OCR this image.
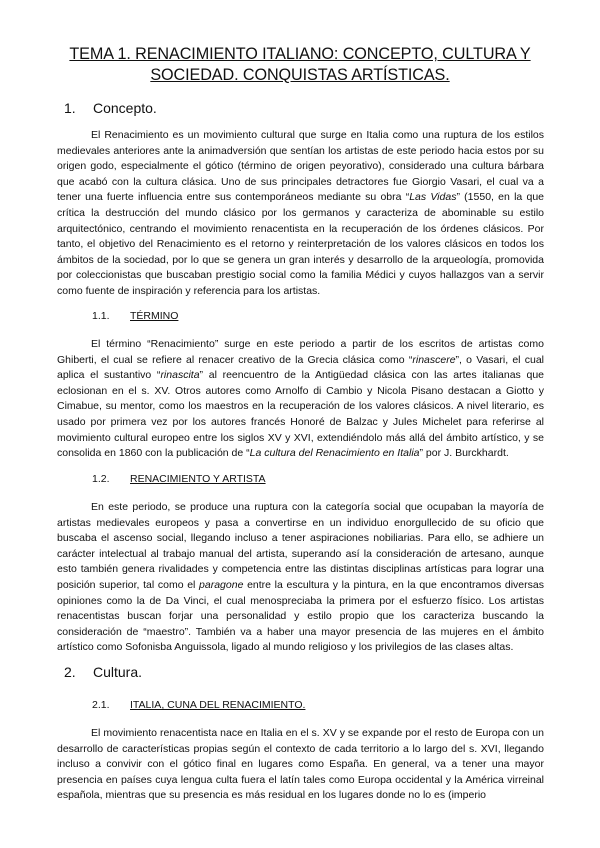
TEMA 1. RENACIMIENTO ITALIANO: CONCEPTO, CULTURA Y SOCIEDAD. CONQUISTAS ARTÍSTICAS.
1. Concepto.

El Renacimiento es un movimiento cultural que surge en Italia como una ruptura de los estilos medievales anteriores ante la animadversión que sentían los artistas de este periodo hacia estos por su origen godo, especialmente el gótico (término de origen peyorativo), considerado una cultura bárbara que acabó con la cultura clásica. Uno de sus principales detractores fue Giorgio Vasari, el cual va a tener una fuerte influencia entre sus contemporáneos mediante su obra “Las Vidas” (1550, en la que crítica la destrucción del mundo clásico por los germanos y caracteriza de abominable su estilo arquitectónico, centrando el movimiento renacentista en la recuperación de los órdenes clásicos. Por tanto, el objetivo del Renacimiento es el retorno y reinterpretación de los valores clásicos en todos los ámbitos de la sociedad, por lo que se genera un gran interés y desarrollo de la arqueología, promovida por coleccionistas que buscaban prestigio social como la familia Médici y cuyos hallazgos van a servir como fuente de inspiración y referencia para los artistas.

1.1. TÉRMINO

El término “Renacimiento” surge en este periodo a partir de los escritos de artistas como Ghiberti, el cual se refiere al renacer creativo de la Grecia clásica como “rinascere”, o Vasari, el cual aplica el sustantivo “rinascita” al reencuentro de la Antigüedad clásica con las artes italianas que eclosionan en el s. XV. Otros autores como Arnolfo di Cambio y Nicola Pisano destacan a Giotto y Cimabue, su mentor, como los maestros en la recuperación de los valores clásicos. A nivel literario, es usado por primera vez por los autores francés Honoré de Balzac y Jules Michelet para referirse al movimiento cultural europeo entre los siglos XV y XVI, extendiéndolo más allá del ámbito artístico, y se consolida en 1860 con la publicación de “La cultura del Renacimiento en Italia” por J. Burckhardt.

1.2. RENACIMIENTO Y ARTISTA

En este periodo, se produce una ruptura con la categoría social que ocupaban la mayoría de artistas medievales europeos y pasa a convertirse en un individuo enorgullecido de su oficio que buscaba el ascenso social, llegando incluso a tener aspiraciones nobiliarias. Para ello, se adhiere un carácter intelectual al trabajo manual del artista, superando así la consideración de artesano, aunque esto también genera rivalidades y competencia entre las distintas disciplinas artísticas para lograr una posición superior, tal como el paragone entre la escultura y la pintura, en la que encontramos diversas opiniones como la de Da Vinci, el cual menospreciaba la primera por el esfuerzo físico. Los artistas renacentistas buscan forjar una personalidad y estilo propio que los caracteriza buscando la consideración de “maestro”. También va a haber una mayor presencia de las mujeres en el ámbito artístico como Sofonisba Anguissola, ligado al mundo religioso y los privilegios de las clases altas.

2. Cultura.
2.1. ITALIA, CUNA DEL RENACIMIENTO.

El movimiento renacentista nace en Italia en el s. XV y se expande por el resto de Europa con un desarrollo de características propias según el contexto de cada territorio a lo largo del s. XVI, llegando incluso a convivir con el gótico final en lugares como España. En general, va a tener una mayor presencia en países cuya lengua culta fuera el latín tales como Europa occidental y la América virreinal española, mientras que su presencia es más residual en los lugares donde no lo es (imperio
